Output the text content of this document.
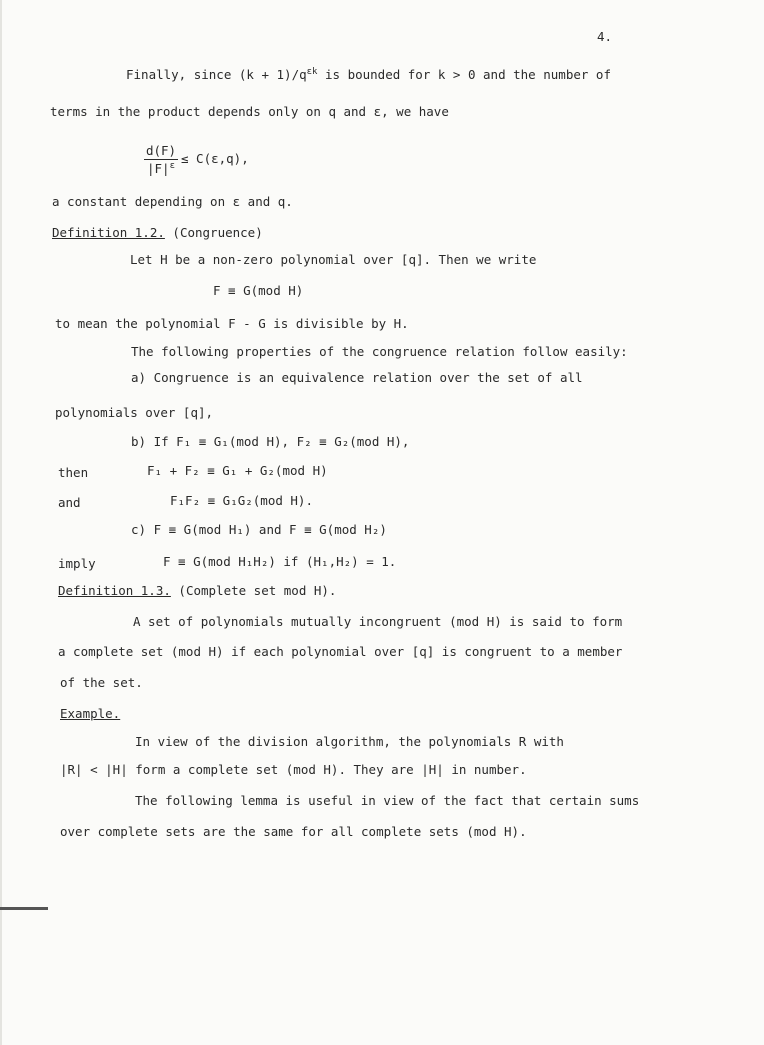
4.
Finally, since $(k + 1)/q^{\varepsilon k}$ is bounded for k > 0 and the number of
terms in the product depends only on q and ε, we have
$\frac{d(F)}{|F|^\varepsilon} \le C(\varepsilon,q)$,
a constant depending on ε and q.
Definition 1.2. (Congruence)
Let H be a non-zero polynomial over [q]. Then we write
F ≡ G(mod H)
to mean the polynomial F - G is divisible by H.
The following properties of the congruence relation follow easily:
a) Congruence is an equivalence relation over the set of all
polynomials over [q],
b) If F₁ ≡ G₁(mod H), F₂ ≡ G₂(mod H),
then	F₁ + F₂ ≡ G₁ + G₂(mod H)
and	F₁F₂ ≡ G₁G₂(mod H).
c) F ≡ G(mod H₁) and F ≡ G(mod H₂)
imply	F ≡ G(mod H₁H₂) if (H₁,H₂) = 1.
Definition 1.3. (Complete set mod H).
A set of polynomials mutually incongruent (mod H) is said to form
a complete set (mod H) if each polynomial over [q] is congruent to a member
of the set.
Example.
In view of the division algorithm, the polynomials R with
|R| < |H| form a complete set (mod H). They are |H| in number.
The following lemma is useful in view of the fact that certain sums
over complete sets are the same for all complete sets (mod H).
